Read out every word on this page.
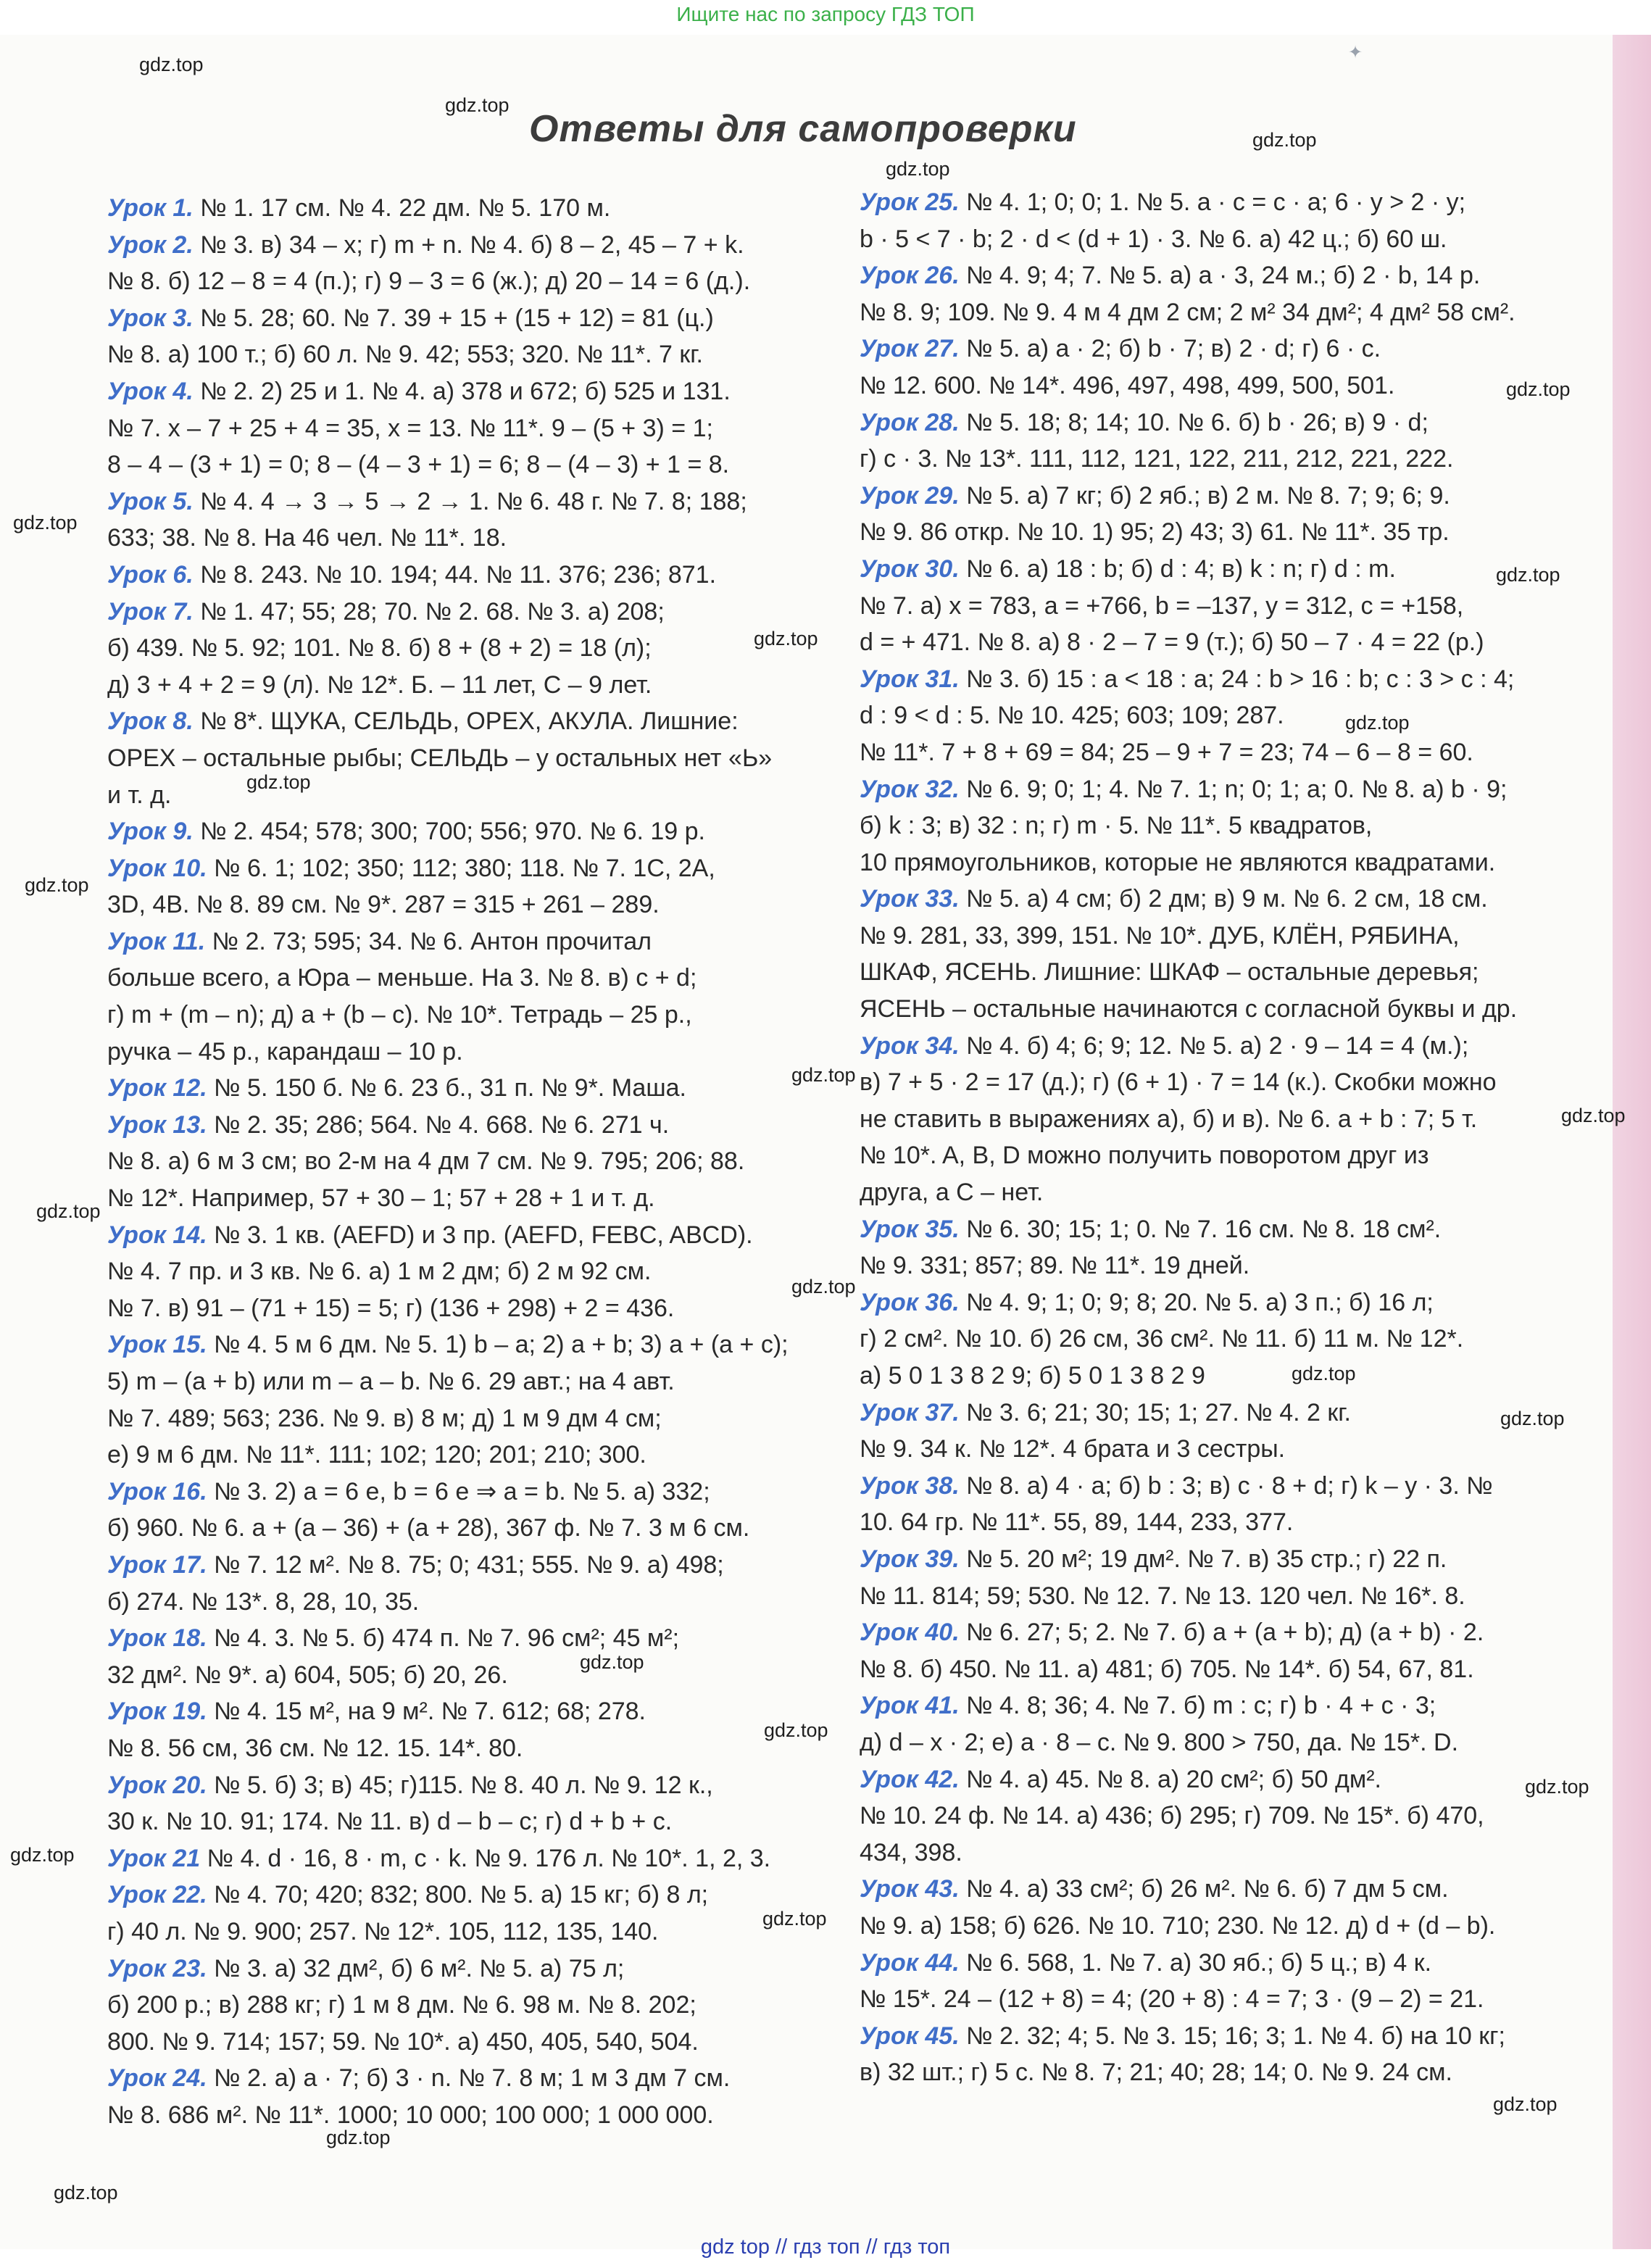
Ищите нас по запросу ГДЗ ТОП
✦
Ответы для самопроверки
Урок 1. № 1. 17 см. № 4. 22 дм. № 5. 170 м.
Урок 2. № 3. в) 34 – x; г) m + n. № 4. б) 8 – 2, 45 – 7 + k.
№ 8. б) 12 – 8 = 4 (п.); г) 9 – 3 = 6 (ж.); д) 20 – 14 = 6 (д.).
Урок 3. № 5. 28; 60. № 7. 39 + 15 + (15 + 12) = 81 (ц.)
№ 8. а) 100 т.; б) 60 л. № 9. 42; 553; 320. № 11*. 7 кг.
Урок 4. № 2. 2) 25 и 1. № 4. а) 378 и 672; б) 525 и 131.
№ 7. x – 7 + 25 + 4 = 35, x = 13. № 11*. 9 – (5 + 3) = 1;
8 – 4 – (3 + 1) = 0; 8 – (4 – 3 + 1) = 6; 8 – (4 – 3) + 1 = 8.
Урок 5. № 4. 4 → 3 → 5 → 2 → 1. № 6. 48 г. № 7. 8; 188;
633; 38. № 8. На 46 чел. № 11*. 18.
Урок 6. № 8. 243. № 10. 194; 44. № 11. 376; 236; 871.
Урок 7. № 1. 47; 55; 28; 70. № 2. 68. № 3. а) 208;
б) 439. № 5. 92; 101. № 8. б) 8 + (8 + 2) = 18 (л);
д) 3 + 4 + 2 = 9 (л). № 12*. Б. – 11 лет, С – 9 лет.
Урок 8. № 8*. ЩУКА, СЕЛЬДЬ, ОРЕХ, АКУЛА. Лишние:
ОРЕХ – остальные рыбы; СЕЛЬДЬ – у остальных нет «Ь»
и т. д.
Урок 9. № 2. 454; 578; 300; 700; 556; 970. № 6. 19 р.
Урок 10. № 6. 1; 102; 350; 112; 380; 118. № 7. 1C, 2A,
3D, 4B. № 8. 89 см. № 9*. 287 = 315 + 261 – 289.
Урок 11. № 2. 73; 595; 34. № 6. Антон прочитал
больше всего, а Юра – меньше. На 3. № 8. в) c + d;
г) m + (m – n); д) a + (b – c). № 10*. Тетрадь – 25 р.,
ручка – 45 р., карандаш – 10 р.
Урок 12. № 5. 150 б. № 6. 23 б., 31 п. № 9*. Маша.
Урок 13. № 2. 35; 286; 564. № 4. 668. № 6. 271 ч.
№ 8. а) 6 м 3 см; во 2-м на 4 дм 7 см. № 9. 795; 206; 88.
№ 12*. Например, 57 + 30 – 1; 57 + 28 + 1 и т. д.
Урок 14. № 3. 1 кв. (AEFD) и 3 пр. (AEFD, FEBC, ABCD).
№ 4. 7 пр. и 3 кв. № 6. а) 1 м 2 дм; б) 2 м 92 см.
№ 7. в) 91 – (71 + 15) = 5; г) (136 + 298) + 2 = 436.
Урок 15. № 4. 5 м 6 дм. № 5. 1) b – a; 2) a + b; 3) a + (a + c);
5) m – (a + b) или m – a – b. № 6. 29 авт.; на 4 авт.
№ 7. 489; 563; 236. № 9. в) 8 м; д) 1 м 9 дм 4 см;
е) 9 м 6 дм. № 11*. 111; 102; 120; 201; 210; 300.
Урок 16. № 3. 2) a = 6 e, b = 6 e ⇒ a = b. № 5. а) 332;
б) 960. № 6. a + (a – 36) + (a + 28), 367 ф. № 7. 3 м 6 см.
Урок 17. № 7. 12 м². № 8. 75; 0; 431; 555. № 9. а) 498;
б) 274. № 13*. 8, 28, 10, 35.
Урок 18. № 4. 3. № 5. б) 474 п. № 7. 96 см²; 45 м²;
32 дм². № 9*. а) 604, 505; б) 20, 26.
Урок 19. № 4. 15 м², на 9 м². № 7. 612; 68; 278.
№ 8. 56 см, 36 см. № 12. 15. 14*. 80.
Урок 20. № 5. б) 3; в) 45; г)115. № 8. 40 л. № 9. 12 к.,
30 к. № 10. 91; 174. № 11. в) d – b – c; г) d + b + c.
Урок 21 № 4. d · 16, 8 · m, c · k. № 9. 176 л. № 10*. 1, 2, 3.
Урок 22. № 4. 70; 420; 832; 800. № 5. а) 15 кг; б) 8 л;
г) 40 л. № 9. 900; 257. № 12*. 105, 112, 135, 140.
Урок 23. № 3. а) 32 дм², б) 6 м². № 5. а) 75 л;
б) 200 р.; в) 288 кг; г) 1 м 8 дм. № 6. 98 м. № 8. 202;
800. № 9. 714; 157; 59. № 10*. а) 450, 405, 540, 504.
Урок 24. № 2. а) a · 7; б) 3 · n. № 7. 8 м; 1 м 3 дм 7 см.
№ 8. 686 м². № 11*. 1000; 10 000; 100 000; 1 000 000.
Урок 25. № 4. 1; 0; 0; 1. № 5. a · c = c · a; 6 · y > 2 · y;
b · 5 < 7 · b; 2 · d < (d + 1) · 3. № 6. а) 42 ц.; б) 60 ш.
Урок 26. № 4. 9; 4; 7. № 5. а) a · 3, 24 м.; б) 2 · b, 14 р.
№ 8. 9; 109. № 9. 4 м 4 дм 2 см; 2 м² 34 дм²; 4 дм² 58 см².
Урок 27. № 5. а) a · 2; б) b · 7; в) 2 · d; г) 6 · c.
№ 12. 600. № 14*. 496, 497, 498, 499, 500, 501.
Урок 28. № 5. 18; 8; 14; 10. № 6. б) b · 26; в) 9 · d;
г) c · 3. № 13*. 111, 112, 121, 122, 211, 212, 221, 222.
Урок 29. № 5. а) 7 кг; б) 2 яб.; в) 2 м. № 8. 7; 9; 6; 9.
№ 9. 86 откр. № 10. 1) 95; 2) 43; 3) 61. № 11*. 35 тр.
Урок 30. № 6. а) 18 : b; б) d : 4; в) k : n; г) d : m.
№ 7. а) x = 783, a = +766, b = –137, y = 312, c = +158,
d = + 471. № 8. а) 8 · 2 – 7 = 9 (т.); б) 50 – 7 · 4 = 22 (р.)
Урок 31. № 3. б) 15 : a < 18 : a; 24 : b > 16 : b; c : 3 > c : 4;
d : 9 < d : 5. № 10. 425; 603; 109; 287.
№ 11*. 7 + 8 + 69 = 84; 25 – 9 + 7 = 23; 74 – 6 – 8 = 60.
Урок 32. № 6. 9; 0; 1; 4. № 7. 1; n; 0; 1; a; 0. № 8. а) b · 9;
б) k : 3; в) 32 : n; г) m · 5. № 11*. 5 квадратов,
10 прямоугольников, которые не являются квадратами.
Урок 33. № 5. а) 4 см; б) 2 дм; в) 9 м. № 6. 2 см, 18 см.
№ 9. 281, 33, 399, 151. № 10*. ДУБ, КЛЁН, РЯБИНА,
ШКАФ, ЯСЕНЬ. Лишние: ШКАФ – остальные деревья;
ЯСЕНЬ – остальные начинаются с согласной буквы и др.
Урок 34. № 4. б) 4; 6; 9; 12. № 5. а) 2 · 9 – 14 = 4 (м.);
в) 7 + 5 · 2 = 17 (д.); г) (6 + 1) · 7 = 14 (к.). Скобки можно
не ставить в выражениях а), б) и в). № 6. a + b : 7; 5 т.
№ 10*. A, B, D можно получить поворотом друг из
друга, а C – нет.
Урок 35. № 6. 30; 15; 1; 0. № 7. 16 см. № 8. 18 см².
№ 9. 331; 857; 89. № 11*. 19 дней.
Урок 36. № 4. 9; 1; 0; 9; 8; 20. № 5. а) 3 п.; б) 16 л;
г) 2 см². № 10. б) 26 см, 36 см². № 11. б) 11 м. № 12*.
а) 5 0 1 3 8 2 9; б) 5 0 1 3 8 2 9
Урок 37. № 3. 6; 21; 30; 15; 1; 27. № 4. 2 кг.
№ 9. 34 к. № 12*. 4 брата и 3 сестры.
Урок 38. № 8. а) 4 · a; б) b : 3; в) c · 8 + d; г) k – y · 3. №
10. 64 гр. № 11*. 55, 89, 144, 233, 377.
Урок 39. № 5. 20 м²; 19 дм². № 7. в) 35 стр.; г) 22 п.
№ 11. 814; 59; 530. № 12. 7. № 13. 120 чел. № 16*. 8.
Урок 40. № 6. 27; 5; 2. № 7. б) a + (a + b); д) (a + b) · 2.
№ 8. б) 450. № 11. а) 481; б) 705. № 14*. б) 54, 67, 81.
Урок 41. № 4. 8; 36; 4. № 7. б) m : c; г) b · 4 + c · 3;
д) d – x · 2; е) a · 8 – c. № 9. 800 > 750, да. № 15*. D.
Урок 42. № 4. а) 45. № 8. а) 20 см²; б) 50 дм².
№ 10. 24 ф. № 14. а) 436; б) 295; г) 709. № 15*. б) 470,
434, 398.
Урок 43. № 4. а) 33 см²; б) 26 м². № 6. б) 7 дм 5 см.
№ 9. а) 158; б) 626. № 10. 710; 230. № 12. д) d + (d – b).
Урок 44. № 6. 568, 1. № 7. а) 30 яб.; б) 5 ц.; в) 4 к.
№ 15*. 24 – (12 + 8) = 4; (20 + 8) : 4 = 7; 3 · (9 – 2) = 21.
Урок 45. № 2. 32; 4; 5. № 3. 15; 16; 3; 1. № 4. б) на 10 кг;
в) 32 шт.; г) 5 с. № 8. 7; 21; 40; 28; 14; 0. № 9. 24 см.
gdz.top
gdz.top
gdz.top
gdz.top
gdz.top
gdz.top
gdz.top
gdz.top
gdz.top
gdz.top
gdz.top
gdz.top
gdz.top
gdz.top
gdz.top
gdz.top
gdz.top
gdz.top
gdz.top
gdz.top
gdz.top
gdz.top
gdz.top
gdz.top
gdz.top
gdz top // гдз топ // гдз топ
